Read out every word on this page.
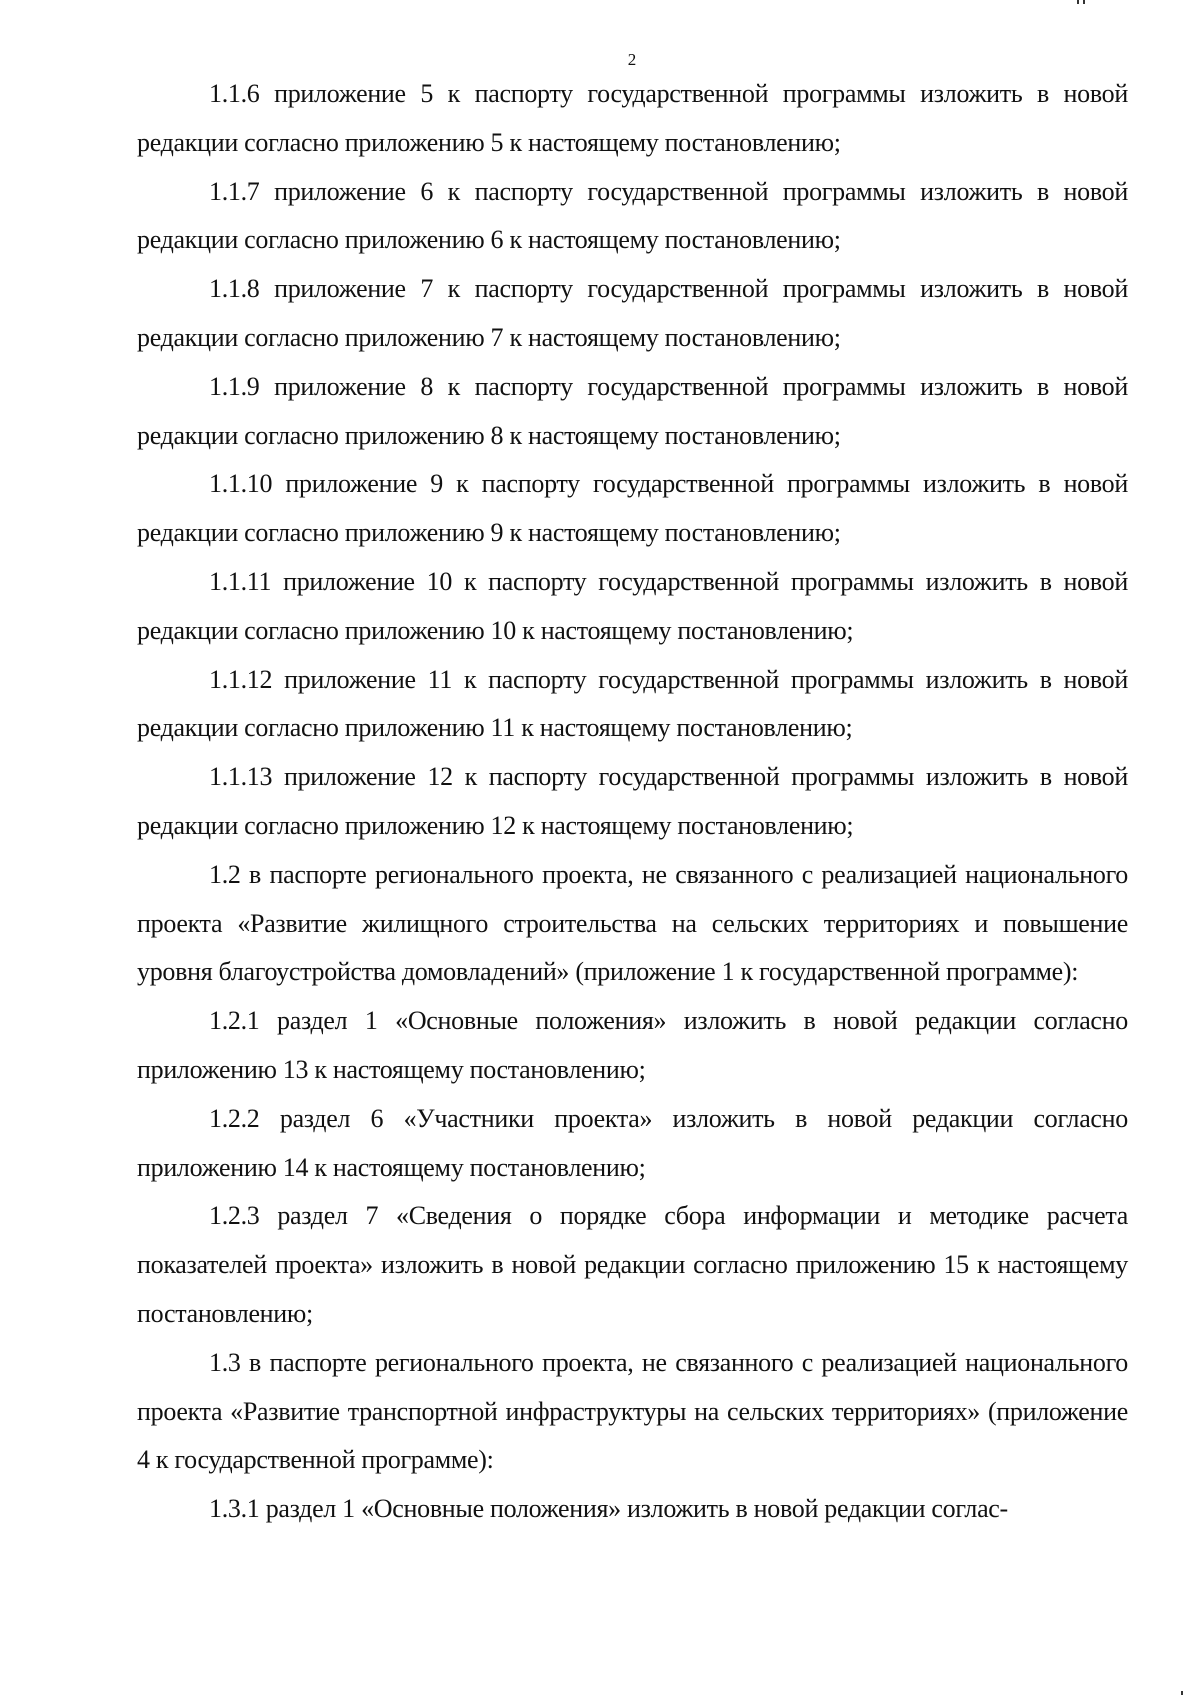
2

1.1.6 приложение 5 к паспорту государственной программы изложить в новой редакции согласно приложению 5 к настоящему постановлению;

1.1.7 приложение 6 к паспорту государственной программы изложить в новой редакции согласно приложению 6 к настоящему постановлению;

1.1.8 приложение 7 к паспорту государственной программы изложить в новой редакции согласно приложению 7 к настоящему постановлению;

1.1.9 приложение 8 к паспорту государственной программы изложить в новой редакции согласно приложению 8 к настоящему постановлению;

1.1.10 приложение 9 к паспорту государственной программы изложить в новой редакции согласно приложению 9 к настоящему постановлению;

1.1.11 приложение 10 к паспорту государственной программы изложить в новой редакции согласно приложению 10 к настоящему постановлению;

1.1.12 приложение 11 к паспорту государственной программы изложить в новой редакции согласно приложению 11 к настоящему постановлению;

1.1.13 приложение 12 к паспорту государственной программы изложить в новой редакции согласно приложению 12 к настоящему постановлению;

1.2 в паспорте регионального проекта, не связанного с реализацией национального проекта «Развитие жилищного строительства на сельских территориях и повышение уровня благоустройства домовладений» (приложение 1 к государственной программе):

1.2.1 раздел 1 «Основные положения» изложить в новой редакции согласно приложению 13 к настоящему постановлению;

1.2.2 раздел 6 «Участники проекта» изложить в новой редакции согласно приложению 14 к настоящему постановлению;

1.2.3 раздел 7 «Сведения о порядке сбора информации и методике расчета показателей проекта» изложить в новой редакции согласно приложению 15 к настоящему постановлению;

1.3 в паспорте регионального проекта, не связанного с реализацией национального проекта «Развитие транспортной инфраструктуры на сельских территориях» (приложение 4 к государственной программе):

1.3.1 раздел 1 «Основные положения» изложить в новой редакции соглас-
